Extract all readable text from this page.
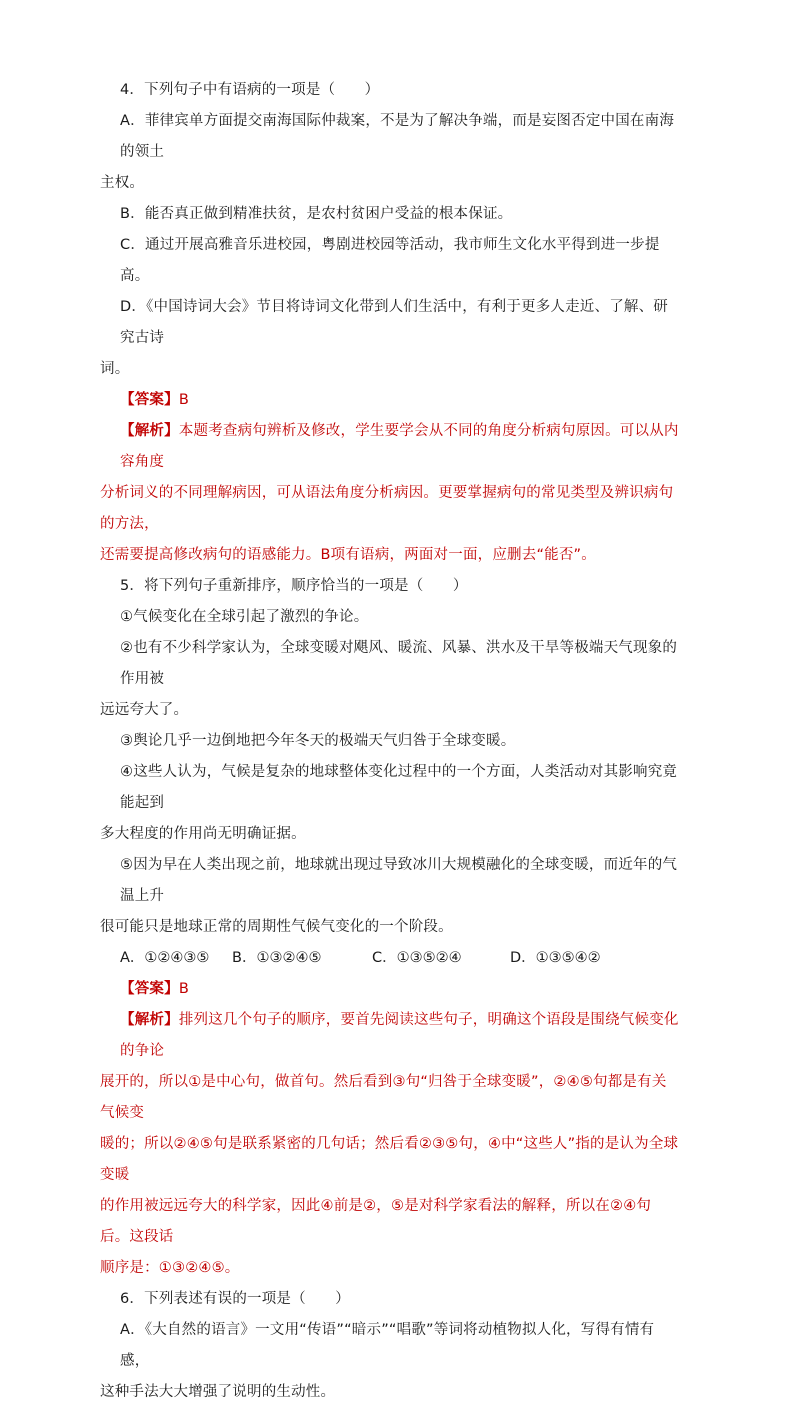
4．下列句子中有语病的一项是（　　）

A．菲律宾单方面提交南海国际仲裁案，不是为了解决争端，而是妄图否定中国在南海的领土

主权。

B．能否真正做到精准扶贫，是农村贫困户受益的根本保证。

C．通过开展高雅音乐进校园，粤剧进校园等活动，我市师生文化水平得到进一步提高。

D．《中国诗词大会》节目将诗词文化带到人们生活中，有利于更多人走近、了解、研究古诗

词。

【答案】B

【解析】本题考查病句辨析及修改，学生要学会从不同的角度分析病句原因。可以从内容角度

分析词义的不同理解病因，可从语法角度分析病因。更要掌握病句的常见类型及辨识病句的方法，

还需要提高修改病句的语感能力。B项有语病，两面对一面，应删去“能否”。

5．将下列句子重新排序，顺序恰当的一项是（　　）

①气候变化在全球引起了激烈的争论。

②也有不少科学家认为，全球变暖对飓风、暖流、风暴、洪水及干旱等极端天气现象的作用被

远远夸大了。

③舆论几乎一边倒地把今年冬天的极端天气归咎于全球变暖。

④这些人认为，气候是复杂的地球整体变化过程中的一个方面，人类活动对其影响究竟能起到

多大程度的作用尚无明确证据。

⑤因为早在人类出现之前，地球就出现过导致冰川大规模融化的全球变暖，而近年的气温上升

很可能只是地球正常的周期性气候气变化的一个阶段。

A．①②④③⑤	B．①③②④⑤	C．①③⑤②④	D．①③⑤④②

【答案】B

【解析】排列这几个句子的顺序，要首先阅读这些句子，明确这个语段是围绕气候变化的争论

展开的，所以①是中心句，做首句。然后看到③句“归咎于全球变暖”，②④⑤句都是有关气候变

暖的；所以②④⑤句是联系紧密的几句话；然后看②③⑤句，④中“这些人”指的是认为全球变暖

的作用被远远夸大的科学家，因此④前是②，⑤是对科学家看法的解释，所以在②④句后。这段话

顺序是：①③②④⑤。

6．下列表述有误的一项是（　　）

A．《大自然的语言》一文用“传语”“暗示”“唱歌”等词将动植物拟人化，写得有情有感，

这种手法大大增强了说明的生动性。
